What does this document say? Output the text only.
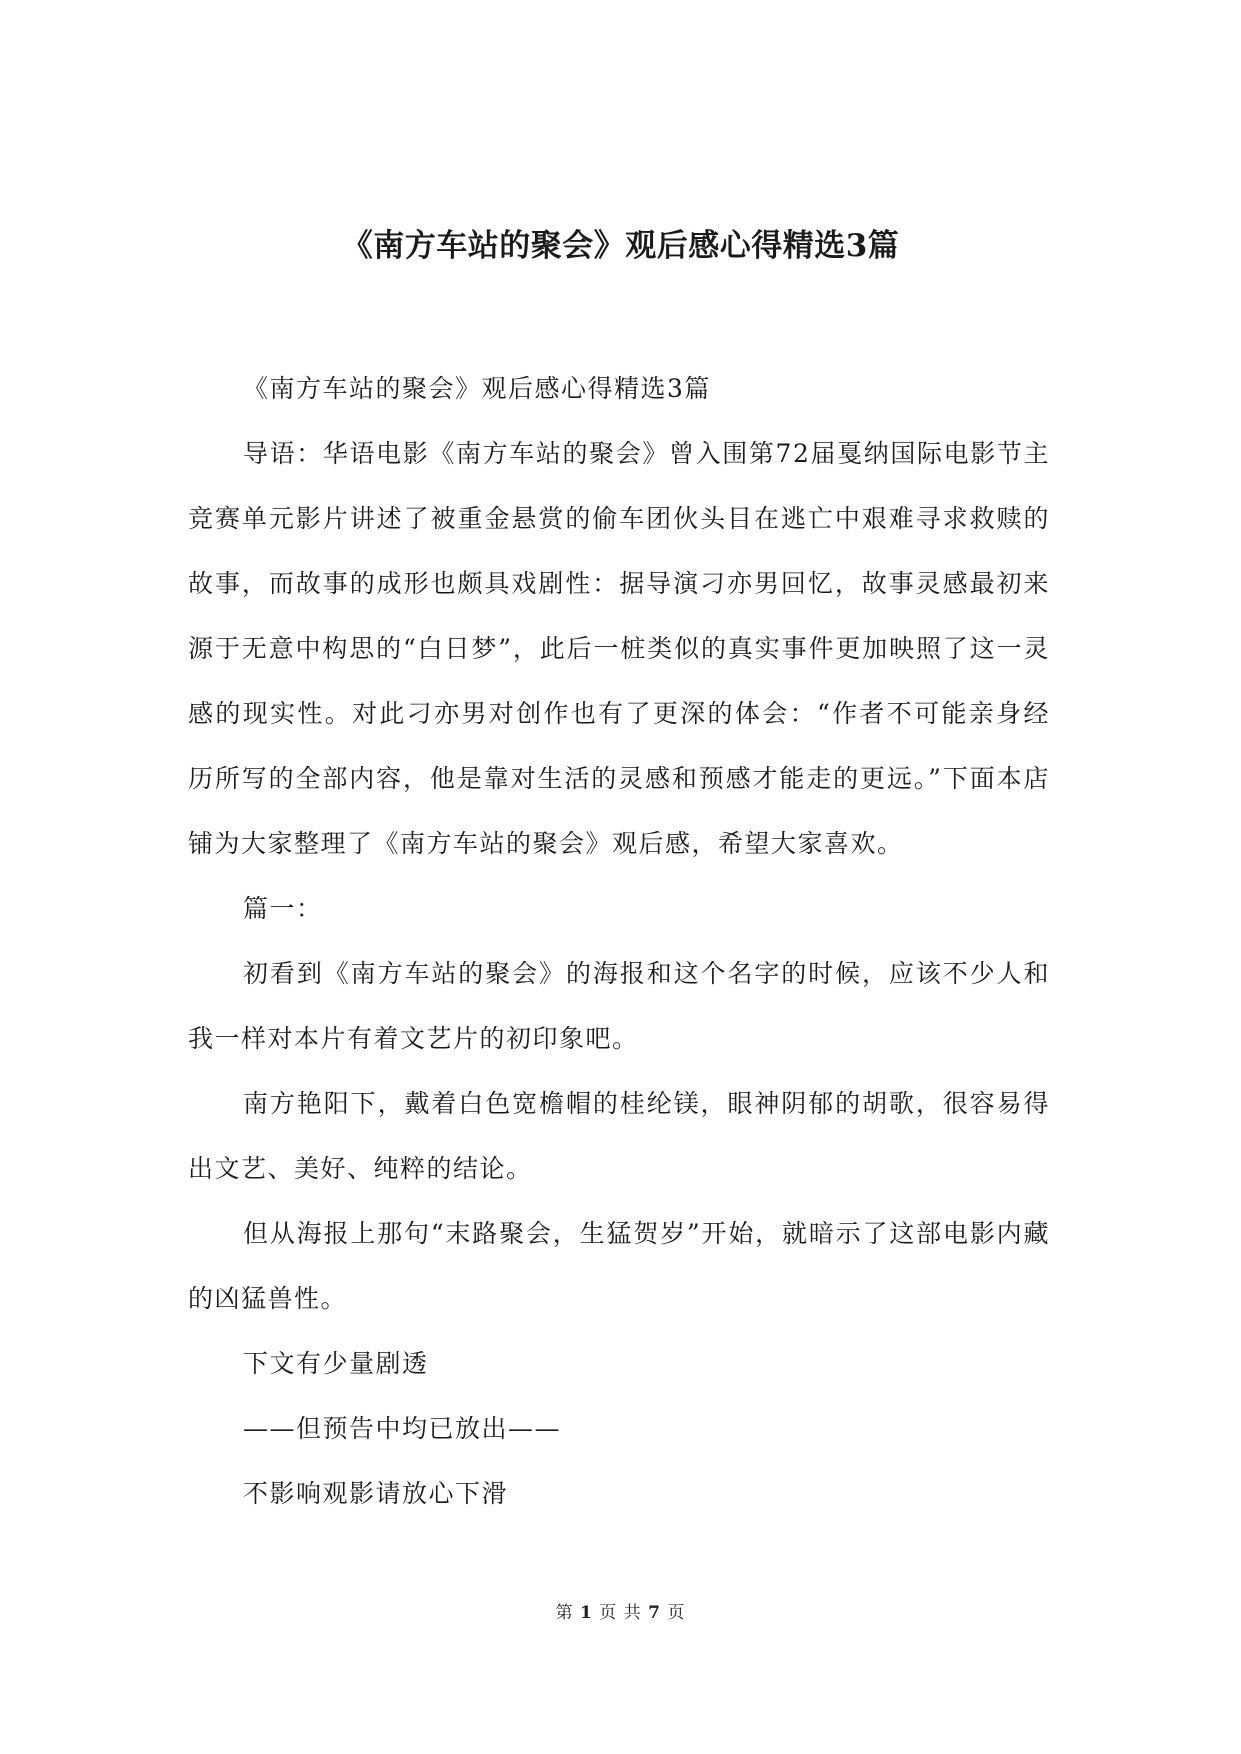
《南方车站的聚会》观后感心得精选3篇

《南方车站的聚会》观后感心得精选3篇

导语：华语电影《南方车站的聚会》曾入围第72届戛纳国际电影节主竞赛单元影片讲述了被重金悬赏的偷车团伙头目在逃亡中艰难寻求救赎的故事，而故事的成形也颇具戏剧性：据导演刁亦男回忆，故事灵感最初来源于无意中构思的“白日梦”，此后一桩类似的真实事件更加映照了这一灵感的现实性。对此刁亦男对创作也有了更深的体会：“作者不可能亲身经历所写的全部内容，他是靠对生活的灵感和预感才能走的更远。”下面本店铺为大家整理了《南方车站的聚会》观后感，希望大家喜欢。

篇一：

初看到《南方车站的聚会》的海报和这个名字的时候，应该不少人和我一样对本片有着文艺片的初印象吧。

南方艳阳下，戴着白色宽檐帽的桂纶镁，眼神阴郁的胡歌，很容易得出文艺、美好、纯粹的结论。

但从海报上那句“末路聚会，生猛贺岁”开始，就暗示了这部电影内藏的凶猛兽性。

下文有少量剧透

——但预告中均已放出——

不影响观影请放心下滑

第 1 页 共 7 页
